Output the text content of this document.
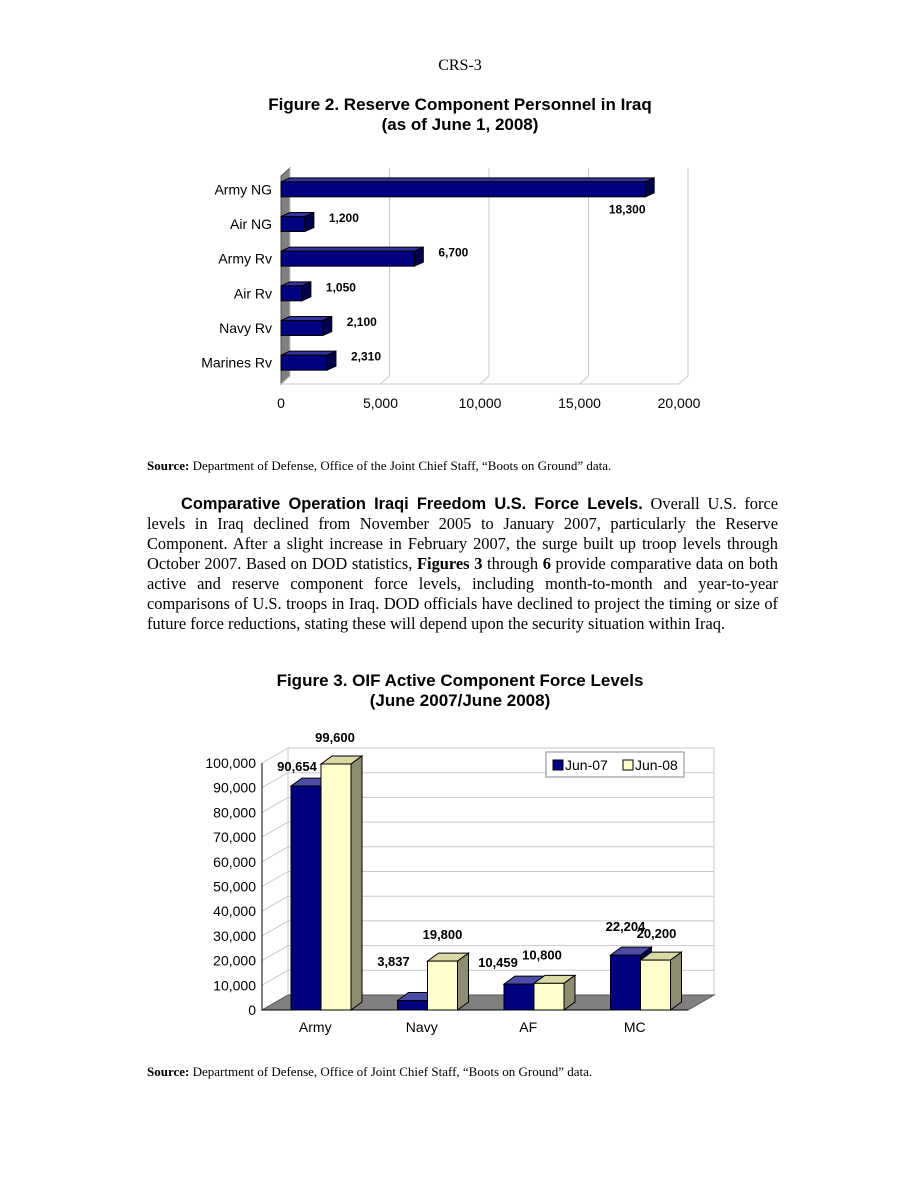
CRS-3
Figure 2. Reserve Component Personnel in Iraq
(as of June 1, 2008)
0	5,000	10,000	15,000	20,000
Army NG
18,300
Air NG	1,200
Army Rv	6,700
Air Rv	1,050
Navy Rv	2,100
Marines Rv	2,310
Source: Department of Defense, Office of the Joint Chief Staff, “Boots on Ground” data.

Comparative Operation Iraqi Freedom U.S. Force Levels. Overall U.S. force levels in Iraq declined from November 2005 to January 2007, particularly the Reserve Component. After a slight increase in February 2007, the surge built up troop levels through October 2007. Based on DOD statistics, Figures 3 through 6 provide comparative data on both active and reserve component force levels, including month-to-month and year-to-year comparisons of U.S. troops in Iraq. DOD officials have declined to project the timing or size of future force reductions, stating these will depend upon the security situation within Iraq.

Figure 3. OIF Active Component Force Levels
(June 2007/June 2008)
0
10,000
20,000
30,000
40,000
50,000
60,000
70,000
80,000
90,000
100,000
Army
90,654
99,600
Navy
3,837
19,800
AF
10,459
10,800
MC
22,204
20,200
Jun-07 Jun-08
Source: Department of Defense, Office of Joint Chief Staff, “Boots on Ground” data.
